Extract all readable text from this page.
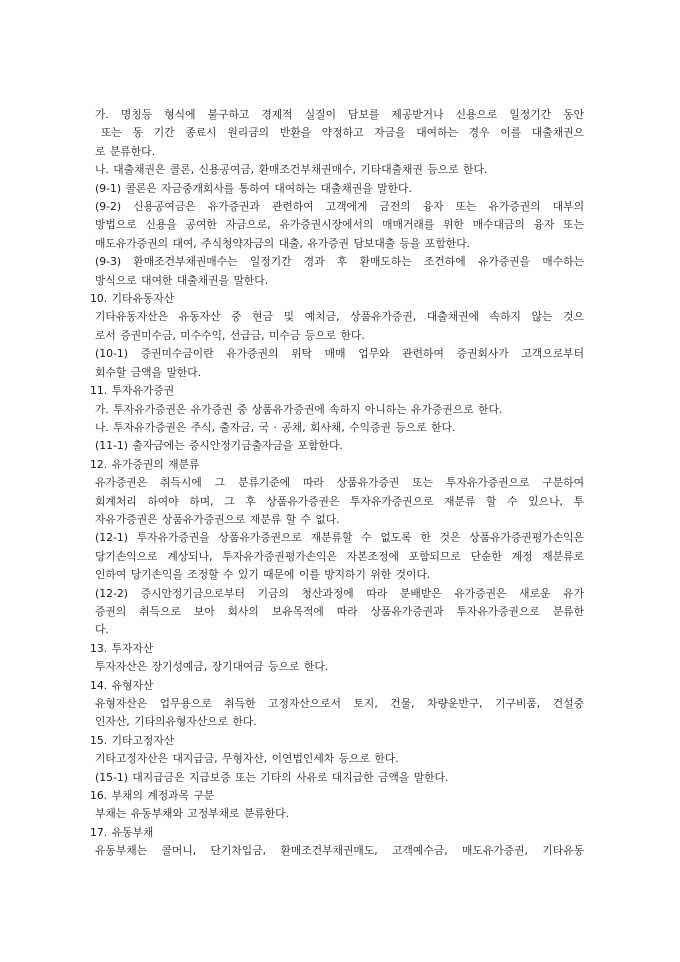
가. 명칭등 형식에 불구하고 경제적 실질이 담보를 제공받거나 신용으로 일정기간 동안
또는 동 기간 종료시 원리금의 반환을 약정하고 자금을 대여하는 경우 이를 대출채권으
로 분류한다.
나. 대출채권은 콜론, 신용공여금, 환매조건부채권매수, 기타대출채권 등으로 한다.
(9-1) 콜론은 자금중개회사를 통하여 대여하는 대출채권을 말한다.
(9-2) 신용공여금은 유가증권과 관련하여 고객에게 금전의 융자 또는 유가증권의 대부의
방법으로 신용을 공여한 자금으로, 유가증권시장에서의 매매거래를 위한 매수대금의 융자 또는
매도유가증권의 대여, 주식청약자금의 대출, 유가증권 담보대출 등을 포함한다.
(9-3) 환매조건부채권매수는 일정기간 경과 후 환매도하는 조건하에 유가증권을 매수하는
방식으로 대여한 대출채권을 말한다.
10. 기타유동자산
기타유동자산은 유동자산 중 현금 및 예치금, 상품유가증권, 대출채권에 속하지 않는 것으
로서 증권미수금, 미수수익, 선급금, 미수금 등으로 한다.
(10-1) 증권미수금이란 유가증권의 위탁 매매 업무와 관련하여 증권회사가 고객으로부터
회수할 금액을 말한다.
11. 투자유가증권
가. 투자유가증권은 유가증권 중 상품유가증권에 속하지 아니하는 유가증권으로 한다.
나. 투자유가증권은 주식, 출자금, 국 · 공채, 회사채, 수익증권 등으로 한다.
(11-1) 출자금에는 증시안정기금출자금을 포함한다.
12. 유가증권의 재분류
유가증권은 취득시에 그 분류기준에 따라 상품유가증권 또는 투자유가증권으로 구분하여
회계처리 하여야 하며, 그 후 상품유가증권은 투자유가증권으로 재분류 할 수 있으나, 투
자유가증권은 상품유가증권으로 재분류 할 수 없다.
(12-1) 투자유가증권을 상품유가증권으로 재분류할 수 없도록 한 것은 상품유가증권평가손익은
당기손익으로 계상되나, 투자유가증권평가손익은 자본조정에 포함되므로 단순한 계정 재분류로
인하여 당기손익을 조정할 수 있기 때문에 이를 방지하기 위한 것이다.
(12-2) 증시안정기금으로부터 기금의 청산과정에 따라 분배받은 유가증권은 새로운 유가
증권의 취득으로 보아 회사의 보유목적에 따라 상품유가증권과 투자유가증권으로 분류한
다.
13. 투자자산
투자자산은 장기성예금, 장기대여금 등으로 한다.
14. 유형자산
유형자산은 업무용으로 취득한 고정자산으로서 토지, 건물, 차량운반구, 기구비품, 건설중
인자산, 기타의유형자산으로 한다.
15. 기타고정자산
기타고정자산은 대지급금, 무형자산, 이연법인세차 등으로 한다.
(15-1) 대지급금은 지급보증 또는 기타의 사유로 대지급한 금액을 말한다.
16. 부채의 계정과목 구분
부채는 유동부채와 고정부채로 분류한다.
17. 유동부채
유동부채는 콜머니, 단기차입금, 환매조건부채권매도, 고객예수금, 매도유가증권, 기타유동
